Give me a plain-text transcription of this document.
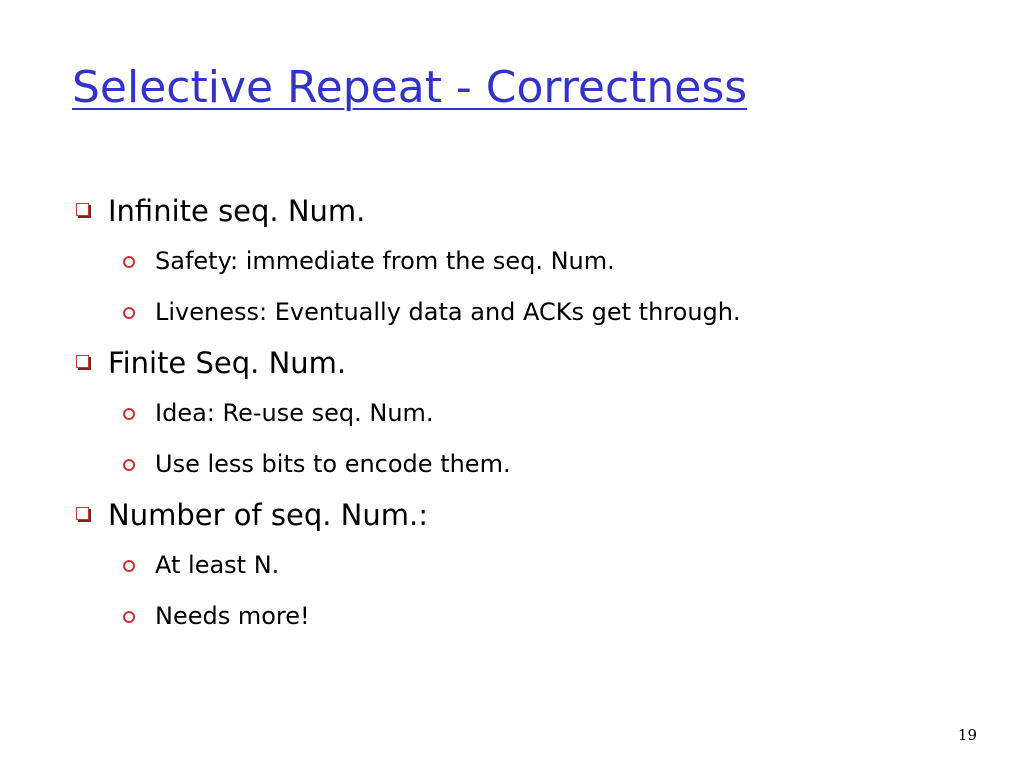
Selective Repeat - Correctness
Infinite seq. Num.
Safety: immediate from the seq. Num.
Liveness: Eventually data and ACKs get through.
Finite Seq. Num.
Idea: Re-use seq. Num.
Use less bits to encode them.
Number of seq. Num.:
At least N.
Needs more!
19
